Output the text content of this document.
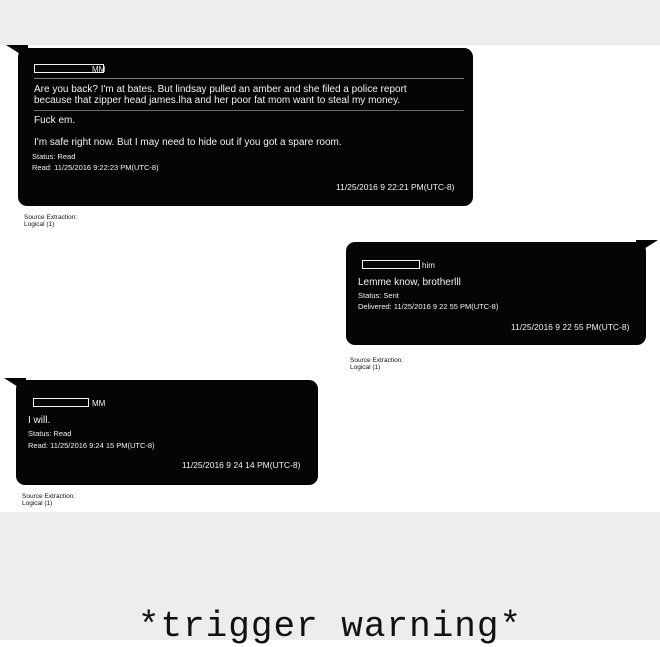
MM
Are you back? I'm at bates. But lindsay pulled an amber and she filed a police report
because that zipper head james.lha and her poor fat mom want to steal my money.
Fuck em.
I'm safe right now. But I may need to hide out if you got a spare room.
Status: Read
Read: 11/25/2016 9:22:23 PM(UTC-8)
11/25/2016 9 22:21 PM(UTC-8)
Source Extraction:
Logical (1)
him
Lemme know, brotherlll
Status: Sent
Delivered: 11/25/2016 9 22 55 PM(UTC-8)
11/25/2016 9 22 55 PM(UTC-8)
Source Extraction:
Logical (1)
MM
I will.
Status: Read
Read: 11/25/2016 9:24 15 PM(UTC-8)
11/25/2016 9 24 14 PM(UTC-8)
Source Extraction:
Logical (1)
*trigger warning*
